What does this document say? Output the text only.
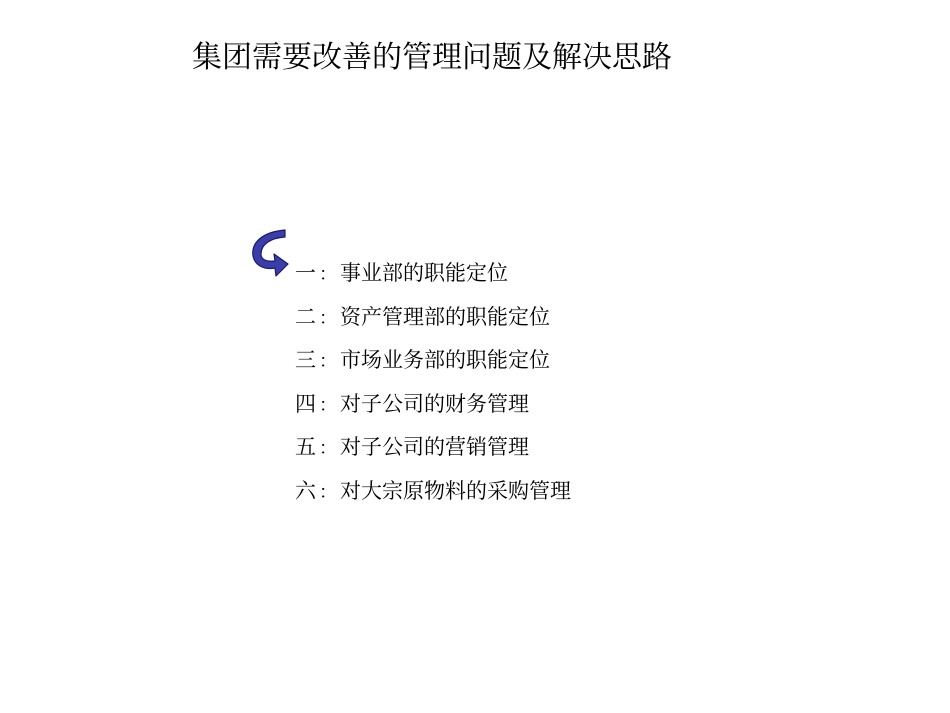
集团需要改善的管理问题及解决思路
一 ： 事业部的职能定位
二 ： 资产管理部的职能定位
三 ： 市场业务部的职能定位
四 ： 对子公司的财务管理
五 ： 对子公司的营销管理
六 ： 对大宗原物料的采购管理
